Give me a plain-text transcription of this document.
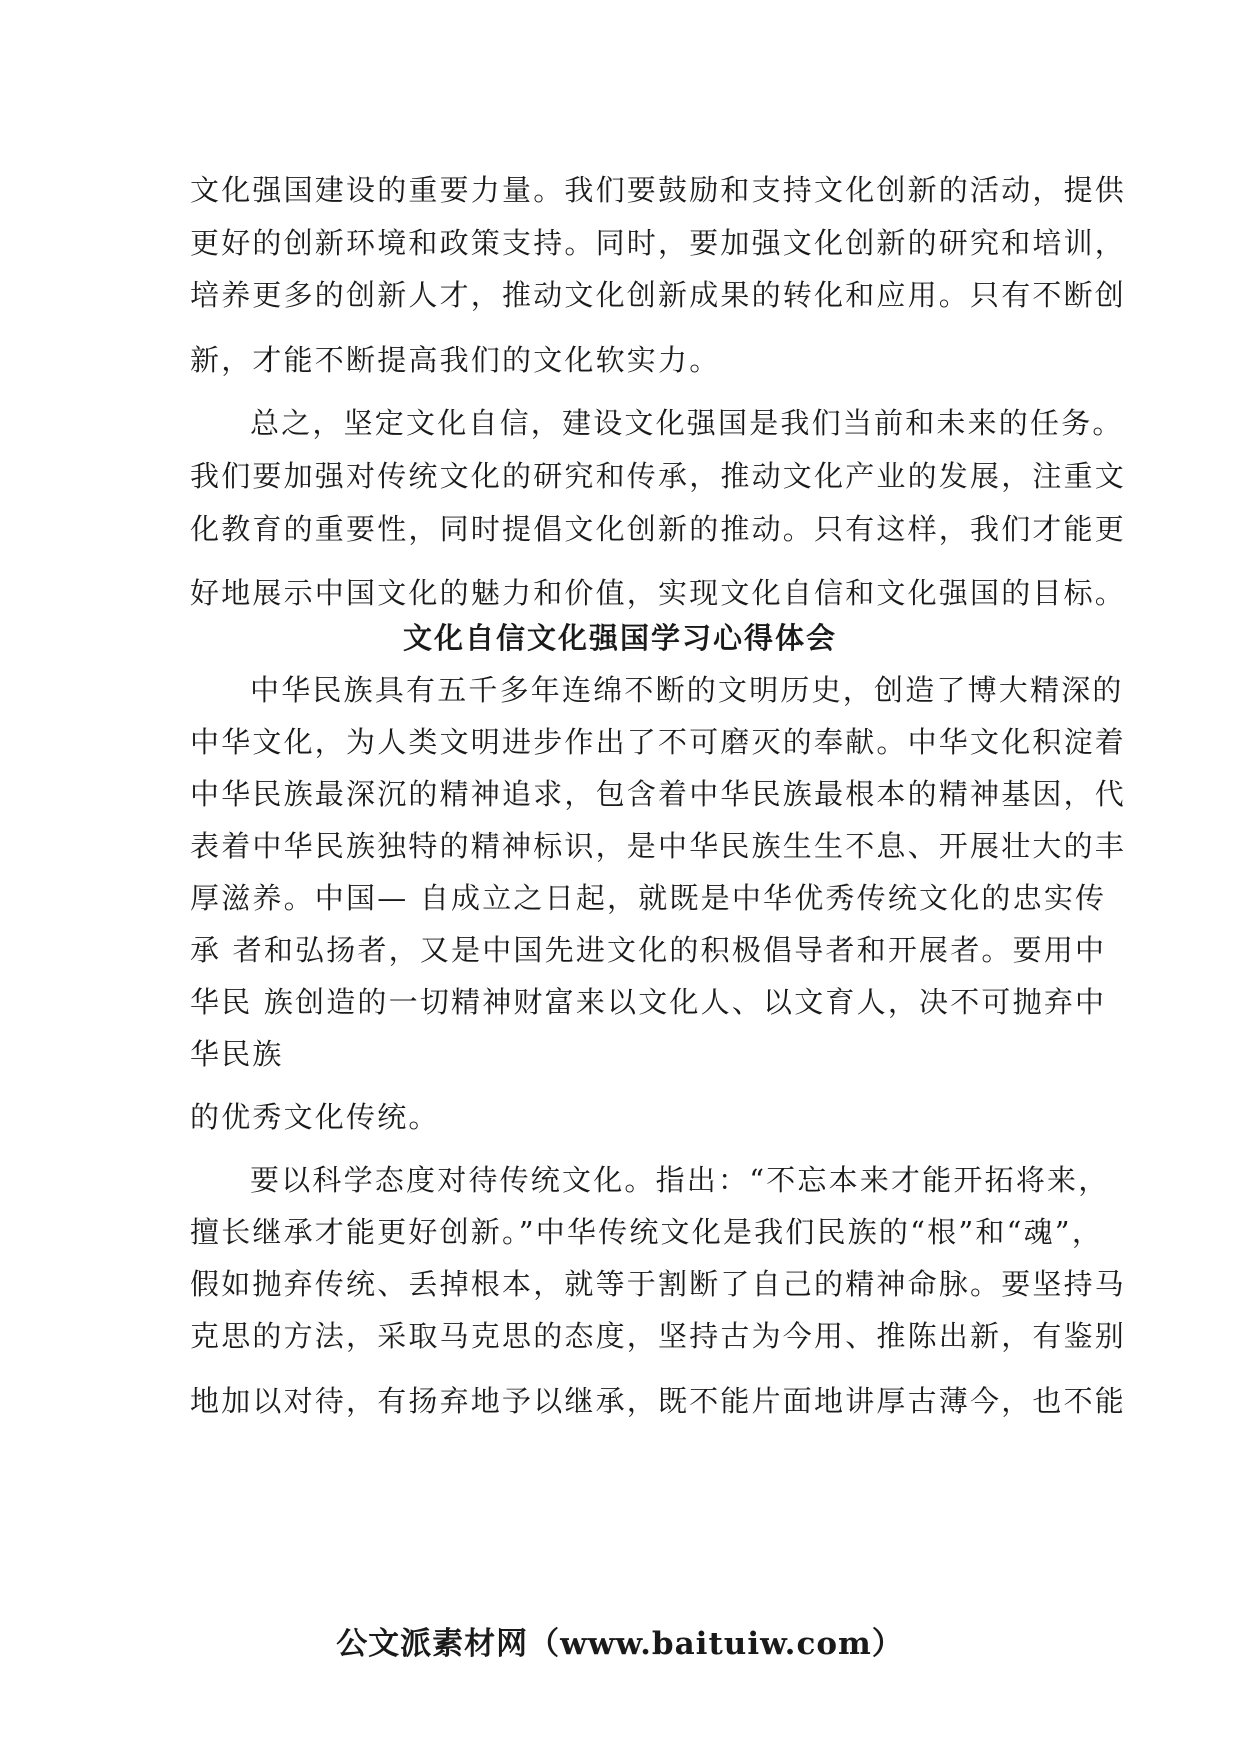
文化强国建设的重要力量。我们要鼓励和支持文化创新的活动，提供
更好的创新环境和政策支持。同时，要加强文化创新的研究和培训，
培养更多的创新人才，推动文化创新成果的转化和应用。只有不断创
新，才能不断提高我们的文化软实力。
总之，坚定文化自信，建设文化强国是我们当前和未来的任务。
我们要加强对传统文化的研究和传承，推动文化产业的发展，注重文
化教育的重要性，同时提倡文化创新的推动。只有这样，我们才能更
好地展示中国文化的魅力和价值，实现文化自信和文化强国的目标。
文化自信文化强国学习心得体会
中华民族具有五千多年连绵不断的文明历史，创造了博大精深的
中华文化，为人类文明进步作出了不可磨灭的奉献。中华文化积淀着
中华民族最深沉的精神追求，包含着中华民族最根本的精神基因，代
表着中华民族独特的精神标识，是中华民族生生不息、开展壮大的丰
厚滋养。中国— 自成立之日起，就既是中华优秀传统文化的忠实传
承 者和弘扬者，又是中国先进文化的积极倡导者和开展者。要用中
华民 族创造的一切精神财富来以文化人、以文育人，决不可抛弃中
华民族
的优秀文化传统。
要以科学态度对待传统文化。指出：“不忘本来才能开拓将来，
擅长继承才能更好创新。”中华传统文化是我们民族的“根”和“魂”，
假如抛弃传统、丢掉根本，就等于割断了自己的精神命脉。要坚持马
克思的方法，采取马克思的态度，坚持古为今用、推陈出新，有鉴别
地加以对待，有扬弃地予以继承，既不能片面地讲厚古薄今，也不能
公文派素材网（www.baituiw.com）
